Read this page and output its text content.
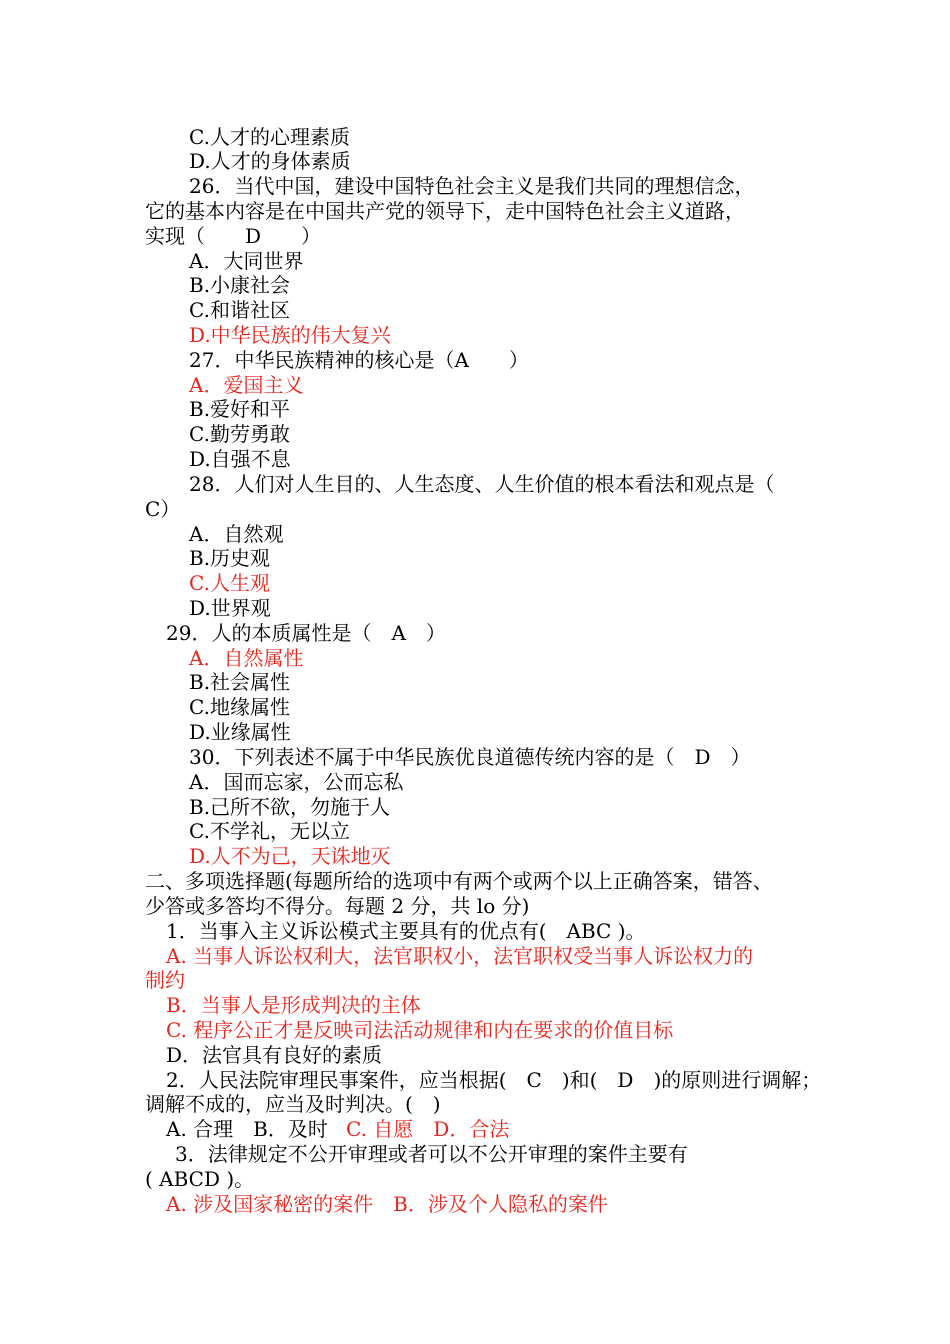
C.人才的心理素质
D.人才的身体素质
26．当代中国，建设中国特色社会主义是我们共同的理想信念，
它的基本内容是在中国共产党的领导下，走中国特色社会主义道路，
实现（　　D　　）
A．大同世界
B.小康社会
C.和谐社区
D.中华民族的伟大复兴
27．中华民族精神的核心是（A　　）
A．爱国主义
B.爱好和平
C.勤劳勇敢
D.自强不息
28．人们对人生目的、人生态度、人生价值的根本看法和观点是（
C）
A．自然观
B.历史观
C.人生观
D.世界观
29．人的本质属性是（　A　）
A．自然属性
B.社会属性
C.地缘属性
D.业缘属性
30．下列表述不属于中华民族优良道德传统内容的是（　D　）
A．国而忘家，公而忘私
B.己所不欲，勿施于人
C.不学礼，无以立
D.人不为己，天诛地灭
二、多项选择题(每题所给的选项中有两个或两个以上正确答案，错答、
少答或多答均不得分。每题 2 分，共 lo 分)
1．当事入主义诉讼模式主要具有的优点有(　ABC )。
A. 当事人诉讼权利大，法官职权小，法官职权受当事人诉讼权力的
制约
B．当事人是形成判决的主体
C. 程序公正才是反映司法活动规律和内在要求的价值目标
D．法官具有良好的素质
2．人民法院审理民事案件，应当根据(　C　)和(　D　)的原则进行调解；
调解不成的，应当及时判决。(　)
A. 合理　B．及时 C. 自愿　D．合法
3．法律规定不公开审理或者可以不公开审理的案件主要有
( ABCD )。
A. 涉及国家秘密的案件　B．涉及个人隐私的案件
